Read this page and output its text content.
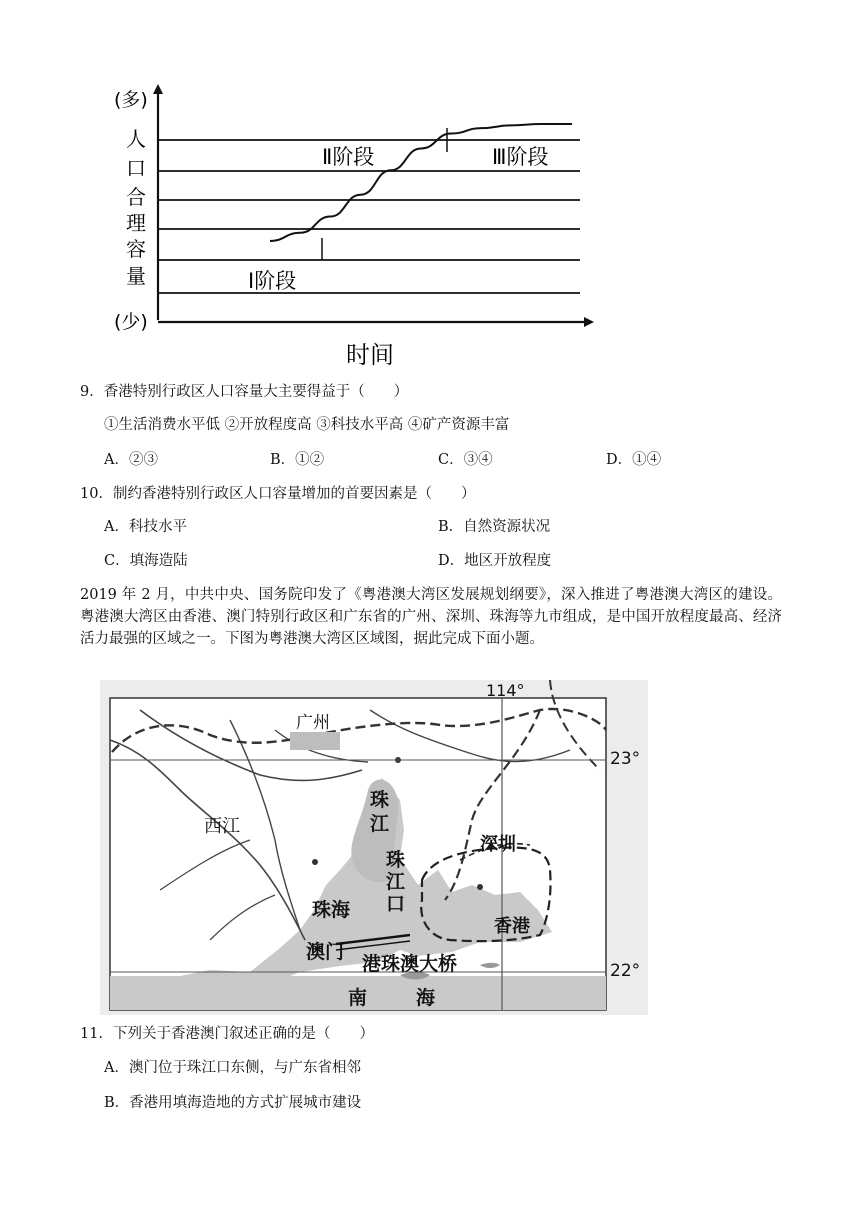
(多)
人
口
合
理
容
量
(少)
时间
Ⅰ阶段
Ⅱ阶段	Ⅲ阶段
9．香港特别行政区人口容量大主要得益于（　　）
①生活消费水平低 ②开放程度高 ③科技水平高 ④矿产资源丰富
A．②③	B．①②	C．③④	D．①④
10．制约香港特别行政区人口容量增加的首要因素是（　　）
A．科技水平	B．自然资源状况
C．填海造陆	D．地区开放程度
2019 年 2 月，中共中央、国务院印发了《粤港澳大湾区发展规划纲要》，深入推进了粤港澳大湾区的建设。粤港澳大湾区由香港、澳门特别行政区和广东省的广州、深圳、珠海等九市组成，是中国开放程度最高、经济活力最强的区域之一。下图为粤港澳大湾区区域图，据此完成下面小题。
114°
23°
22°
广州
西江
珠
江
珠
江
口
深圳
珠海
香港
澳门
港珠澳大桥
南	海
11．下列关于香港澳门叙述正确的是（　　）
A．澳门位于珠江口东侧，与广东省相邻
B．香港用填海造地的方式扩展城市建设
